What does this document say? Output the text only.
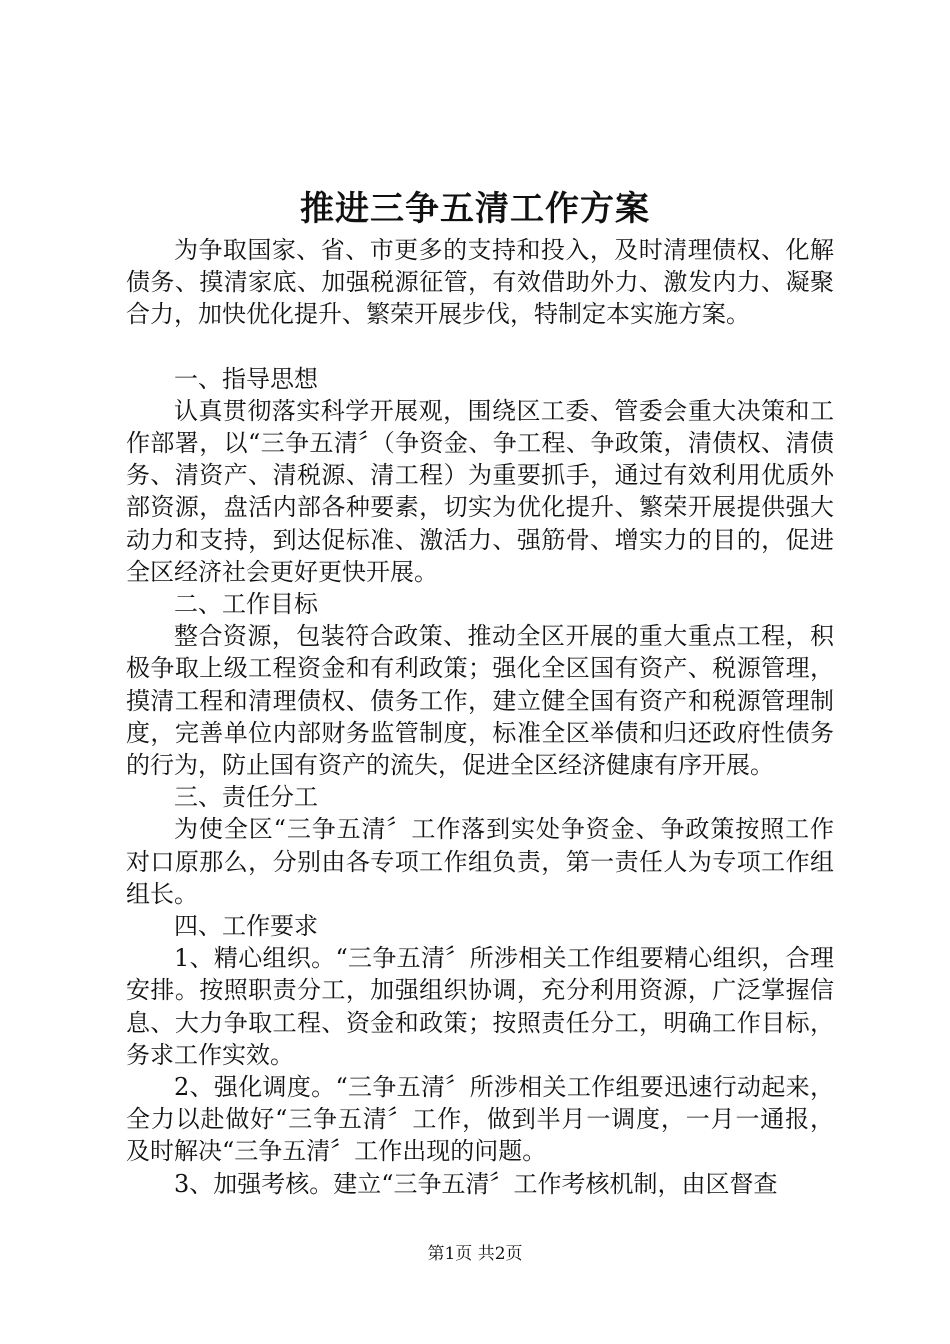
推进三争五清工作方案

为争取国家、省、市更多的支持和投入，及时清理债权、化解债务、摸清家底、加强税源征管，有效借助外力、激发内力、凝聚合力，加快优化提升、繁荣开展步伐，特制定本实施方案。

一、指导思想

认真贯彻落实科学开展观，围绕区工委、管委会重大决策和工作部署，以“三争五清〞（争资金、争工程、争政策，清债权、清债务、清资产、清税源、清工程）为重要抓手，通过有效利用优质外部资源，盘活内部各种要素，切实为优化提升、繁荣开展提供强大动力和支持，到达促标准、激活力、强筋骨、增实力的目的，促进全区经济社会更好更快开展。

二、工作目标

整合资源，包装符合政策、推动全区开展的重大重点工程，积极争取上级工程资金和有利政策；强化全区国有资产、税源管理，摸清工程和清理债权、债务工作，建立健全国有资产和税源管理制度，完善单位内部财务监管制度，标准全区举债和归还政府性债务的行为，防止国有资产的流失，促进全区经济健康有序开展。

三、责任分工

为使全区“三争五清〞工作落到实处争资金、争政策按照工作对口原那么，分别由各专项工作组负责，第一责任人为专项工作组组长。

四、工作要求

1、精心组织。“三争五清〞所涉相关工作组要精心组织，合理安排。按照职责分工，加强组织协调，充分利用资源，广泛掌握信息、大力争取工程、资金和政策；按照责任分工，明确工作目标，务求工作实效。

2、强化调度。“三争五清〞所涉相关工作组要迅速行动起来，全力以赴做好“三争五清〞工作，做到半月一调度，一月一通报，及时解决“三争五清〞工作出现的问题。

3、加强考核。建立“三争五清〞工作考核机制，由区督查

第1页 共2页
